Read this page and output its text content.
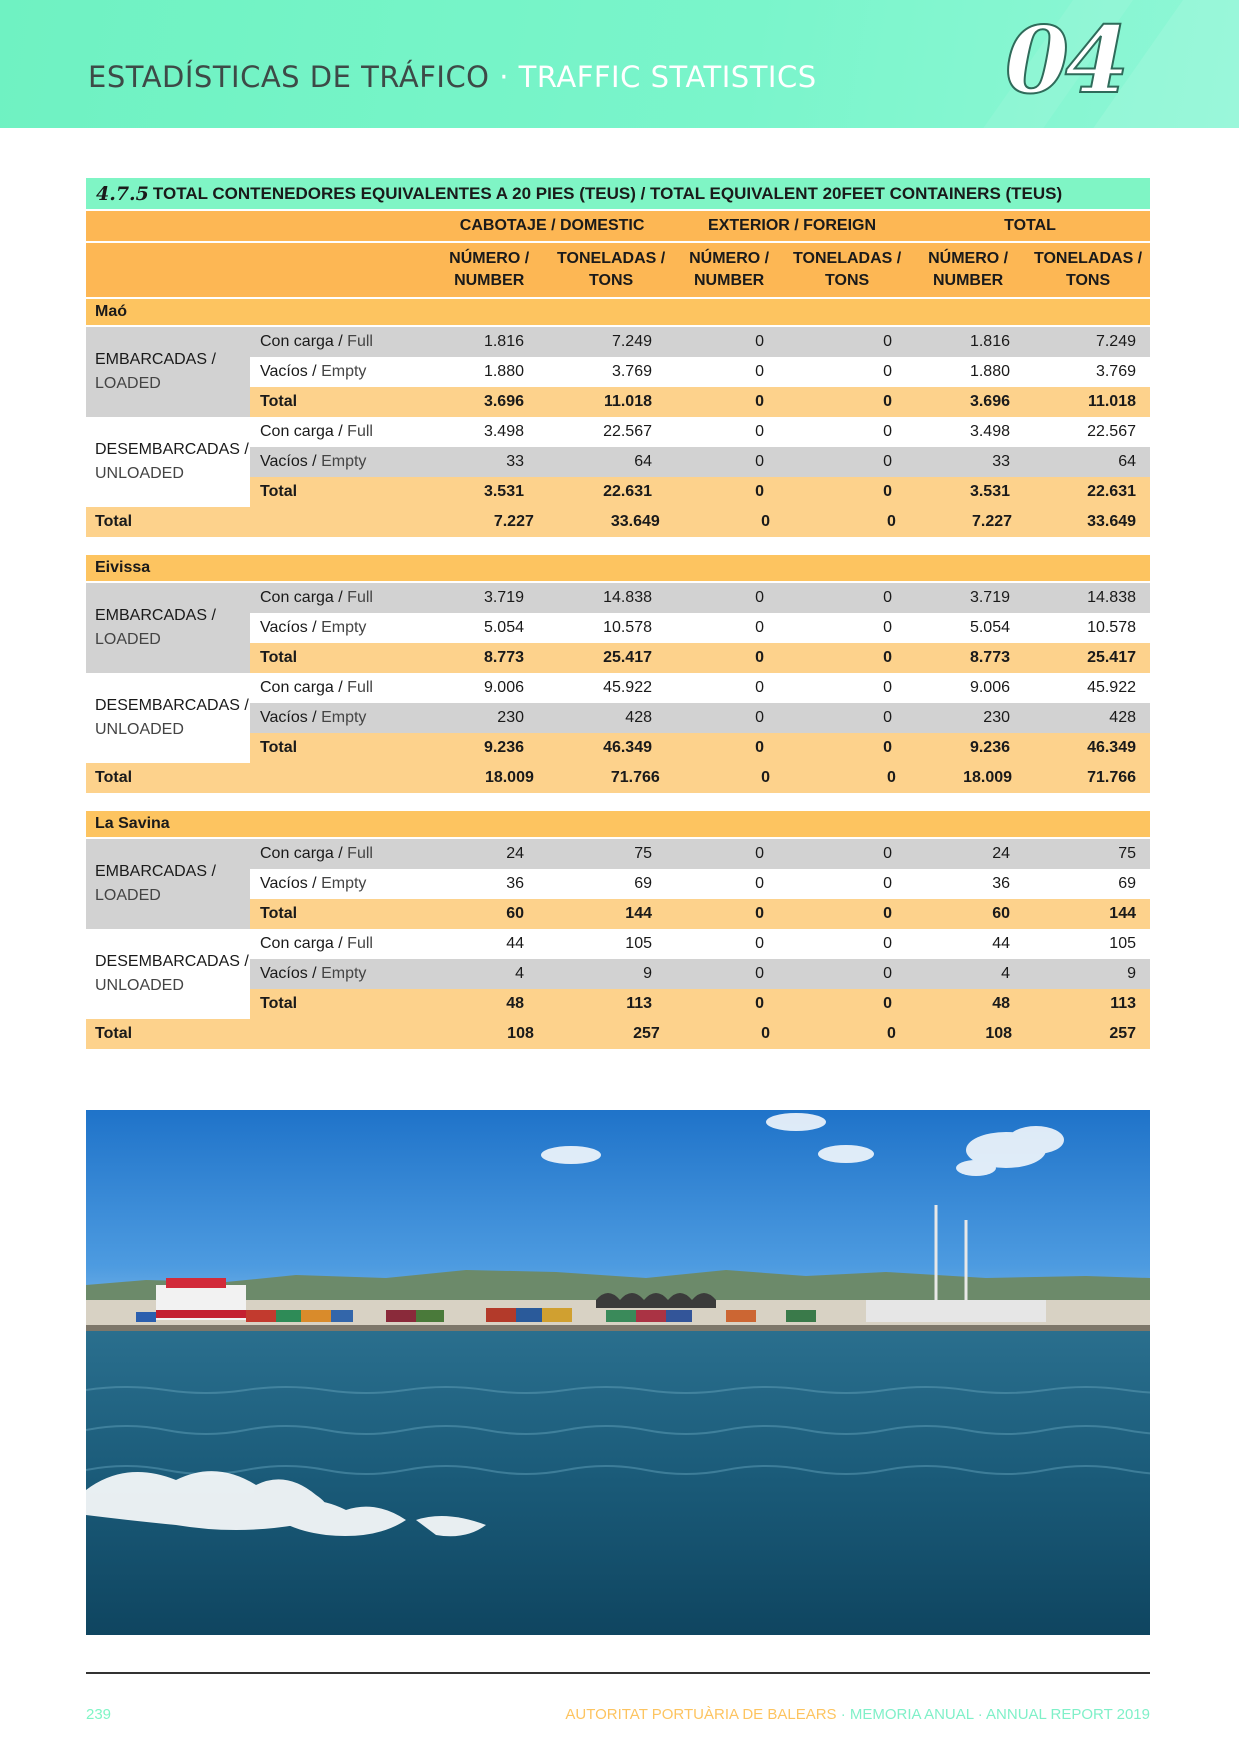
ESTADÍSTICAS DE TRÁFICO · TRAFFIC STATISTICS 04
4.7.5 TOTAL CONTENEDORES EQUIVALENTES A 20 PIES (TEUS) / TOTAL EQUIVALENT 20FEET CONTAINERS (TEUS)
CABOTAJE / DOMESTIC	EXTERIOR / FOREIGN	TOTAL
NÚMERO /
NUMBER
TONELADAS /
TONS
NÚMERO /
NUMBER
TONELADAS /
TONS
NÚMERO /
NUMBER
TONELADAS /
TONS
Maó
EMBARCADAS /
LOADED
Con carga / Full	1.816	7.249	0	0	1.816	7.249
Vacíos / Empty	1.880	3.769	0	0	1.880	3.769
Total	3.696	11.018	0	0	3.696	11.018
DESEMBARCADAS /
UNLOADED
Con carga / Full	3.498	22.567	0	0	3.498	22.567
Vacíos / Empty	33	64	0	0	33	64
Total	3.531	22.631	0	0	3.531	22.631
Total	7.227	33.649	0	0	7.227	33.649
Eivissa
EMBARCADAS /
LOADED
Con carga / Full	3.719	14.838	0	0	3.719	14.838
Vacíos / Empty	5.054	10.578	0	0	5.054	10.578
Total	8.773	25.417	0	0	8.773	25.417
DESEMBARCADAS /
UNLOADED
Con carga / Full	9.006	45.922	0	0	9.006	45.922
Vacíos / Empty	230	428	0	0	230	428
Total	9.236	46.349	0	0	9.236	46.349
Total	18.009	71.766	0	0	18.009	71.766
La Savina
EMBARCADAS /
LOADED
Con carga / Full	24	75	0	0	24	75
Vacíos / Empty	36	69	0	0	36	69
Total	60	144	0	0	60	144
DESEMBARCADAS /
UNLOADED
Con carga / Full	44	105	0	0	44	105
Vacíos / Empty	4	9	0	0	4	9
Total	48	113	0	0	48	113
Total	108	257	0	0	108	257
239	AUTORITAT PORTUÀRIA DE BALEARS · MEMORIA ANUAL · ANNUAL REPORT 2019
